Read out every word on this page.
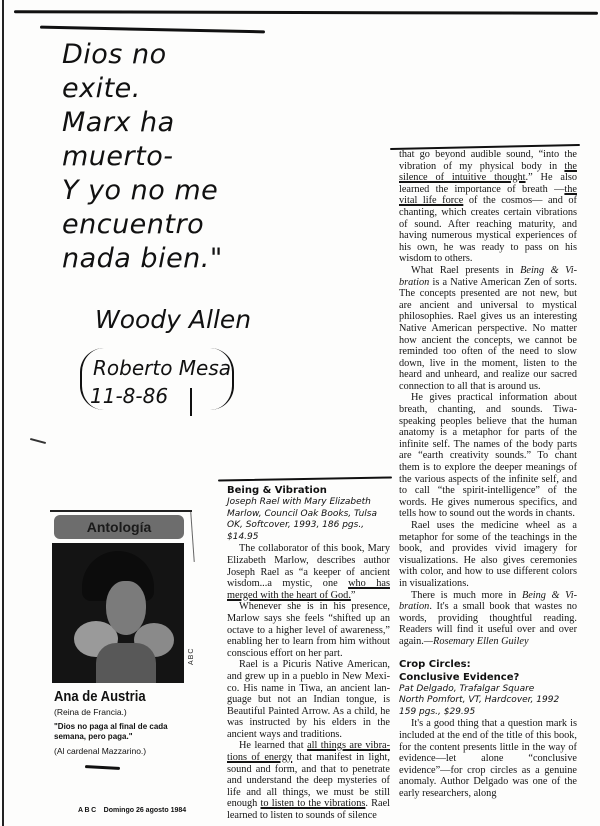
Dios no
exite.
Marx ha
muerto-
Y yo no me
encuentro
nada bien."
Woody Allen
Roberto Mesa
11-8-86
Antología
ABC
Ana de Austria
(Reina de Francia.)
"Dios no paga al final de cada semana, pero paga."
(Al cardenal Mazzarino.)
ABC Domingo 26 agosto 1984
Being & Vibration
Joseph Rael with Mary Elizabeth
Marlow, Council Oak Books, Tulsa
OK, Softcover, 1993, 186 pgs.,
$14.95

The collaborator of this book, Mary Elizabeth Marlow, describes author Joseph Rael as “a keeper of ancient wisdom...a mystic, one who has merged with the heart of God.”

Whenever she is in his presence, Marlow says she feels “shifted up an octave to a higher level of awareness,” enabling her to learn from him without conscious effort on her part.

Rael is a Picuris Native American, and grew up in a pueblo in New Mexico. His name in Tiwa, an ancient language but not an Indian tongue, is Beautiful Painted Arrow. As a child, he was instructed by his elders in the ancient ways and traditions.

He learned that all things are vibrations of energy that manifest in light, sound and form, and that to penetrate and understand the deep mysteries of life and all things, we must be still enough to listen to the vibrations. Rael learned to listen to sounds of silence

that go beyond audible sound, “into the vibration of my physical body in the silence of intuitive thought.” He also learned the importance of breath —the vital life force of the cosmos— and of chanting, which creates certain vibrations of sound. After reaching maturity, and having numerous mystical experiences of his own, he was ready to pass on his wisdom to others.

What Rael presents in Being & Vibration is a Native American Zen of sorts. The concepts presented are not new, but are ancient and universal to mystical philosophies. Rael gives us an interesting Native American perspective. No matter how ancient the concepts, we cannot be reminded too often of the need to slow down, live in the moment, listen to the heard and unheard, and realize our sacred connection to all that is around us.

He gives practical information about breath, chanting, and sounds. Tiwa-speaking peoples believe that the human anatomy is a metaphor for parts of the infinite self. The names of the body parts are “earth creativity sounds.” To chant them is to explore the deeper meanings of the various aspects of the infinite self, and to call “the spirit-intelligence” of the words. He gives numerous specifics, and tells how to sound out the words in chants.

Rael uses the medicine wheel as a metaphor for some of the teachings in the book, and provides vivid imagery for visualizations. He also gives ceremonies with color, and how to use different colors in visualizations.

There is much more in Being & Vibration. It's a small book that wastes no words, providing thoughtful reading. Readers will find it useful over and over again.—Rosemary Ellen Guiley

Crop Circles:
Conclusive Evidence?
Pat Delgado, Trafalgar Square
North Pomfort, VT, Hardcover, 1992
159 pgs., $29.95

It's a good thing that a question mark is included at the end of the title of this book, for the content presents little in the way of evidence—let alone “conclusive evidence”—for crop circles as a genuine anomaly. Author Delgado was one of the early researchers, along
